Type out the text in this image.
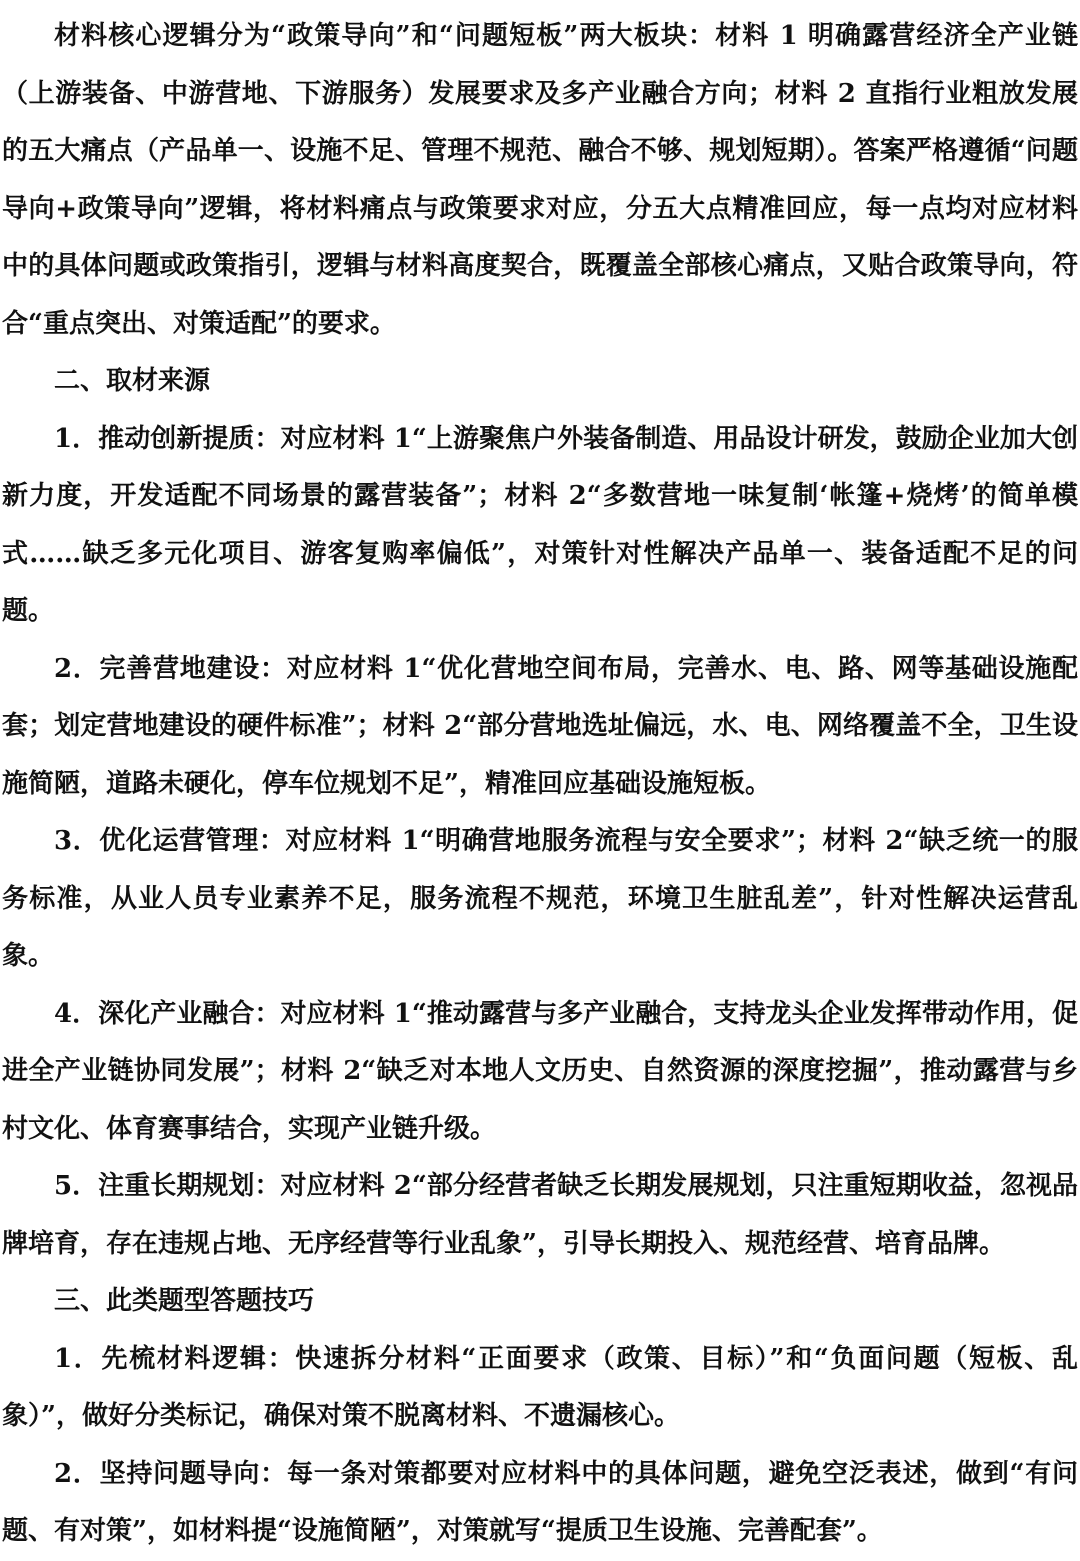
材料核心逻辑分为“政策导向”和“问题短板”两大板块：材料 1 明确露营经济全产业链（上游装备、中游营地、下游服务）发展要求及多产业融合方向；材料 2 直指行业粗放发展的五大痛点（产品单一、设施不足、管理不规范、融合不够、规划短期）。答案严格遵循“问题导向+政策导向”逻辑，将材料痛点与政策要求对应，分五大点精准回应，每一点均对应材料中的具体问题或政策指引，逻辑与材料高度契合，既覆盖全部核心痛点，又贴合政策导向，符合“重点突出、对策适配”的要求。

二、取材来源

1．推动创新提质：对应材料 1“上游聚焦户外装备制造、用品设计研发，鼓励企业加大创新力度，开发适配不同场景的露营装备”；材料 2“多数营地一味复制‘帐篷+烧烤’的简单模式……缺乏多元化项目、游客复购率偏低”，对策针对性解决产品单一、装备适配不足的问题。

2．完善营地建设：对应材料 1“优化营地空间布局，完善水、电、路、网等基础设施配套；划定营地建设的硬件标准”；材料 2“部分营地选址偏远，水、电、网络覆盖不全，卫生设施简陋，道路未硬化，停车位规划不足”，精准回应基础设施短板。

3．优化运营管理：对应材料 1“明确营地服务流程与安全要求”；材料 2“缺乏统一的服务标准，从业人员专业素养不足，服务流程不规范，环境卫生脏乱差”，针对性解决运营乱象。

4．深化产业融合：对应材料 1“推动露营与多产业融合，支持龙头企业发挥带动作用，促进全产业链协同发展”；材料 2“缺乏对本地人文历史、自然资源的深度挖掘”，推动露营与乡村文化、体育赛事结合，实现产业链升级。

5．注重长期规划：对应材料 2“部分经营者缺乏长期发展规划，只注重短期收益，忽视品牌培育，存在违规占地、无序经营等行业乱象”，引导长期投入、规范经营、培育品牌。

三、此类题型答题技巧

1．先梳材料逻辑：快速拆分材料“正面要求（政策、目标）”和“负面问题（短板、乱象）”，做好分类标记，确保对策不脱离材料、不遗漏核心。

2．坚持问题导向：每一条对策都要对应材料中的具体问题，避免空泛表述，做到“有问题、有对策”，如材料提“设施简陋”，对策就写“提质卫生设施、完善配套”。
